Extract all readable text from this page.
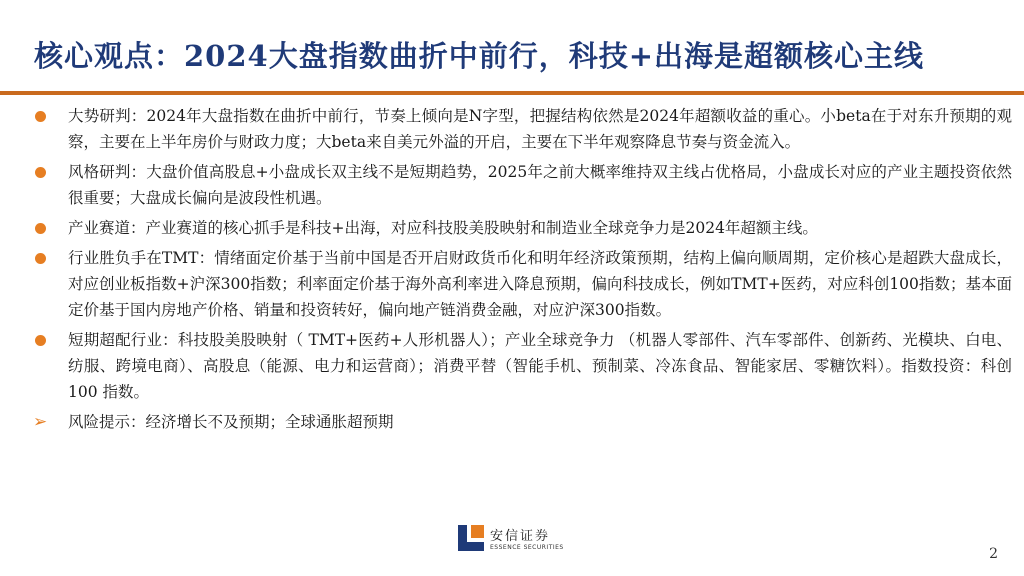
核心观点：2024大盘指数曲折中前行，科技+出海是超额核心主线
大势研判：2024年大盘指数在曲折中前行，节奏上倾向是N字型，把握结构依然是2024年超额收益的重心。小beta在于对东升预期的观察，主要在上半年房价与财政力度；大beta来自美元外溢的开启，主要在下半年观察降息节奏与资金流入。
风格研判：大盘价值高股息+小盘成长双主线不是短期趋势，2025年之前大概率维持双主线占优格局，小盘成长对应的产业主题投资依然很重要；大盘成长偏向是波段性机遇。
产业赛道：产业赛道的核心抓手是科技+出海，对应科技股美股映射和制造业全球竞争力是2024年超额主线。
行业胜负手在TMT：情绪面定价基于当前中国是否开启财政货币化和明年经济政策预期，结构上偏向顺周期，定价核心是超跌大盘成长，对应创业板指数+沪深300指数；利率面定价基于海外高利率进入降息预期，偏向科技成长，例如TMT+医药，对应科创100指数；基本面定价基于国内房地产价格、销量和投资转好，偏向地产链消费金融，对应沪深300指数。
短期超配行业：科技股美股映射（ TMT+医药+人形机器人）；产业全球竞争力 （机器人零部件、汽车零部件、创新药、光模块、白电、纺服、跨境电商）、高股息（能源、电力和运营商）；消费平替（智能手机、预制菜、冷冻食品、智能家居、零糖饮料）。指数投资：科创 100 指数。
➢ 风险提示：经济增长不及预期；全球通胀超预期
安信证券
ESSENCE SECURITIES	2
